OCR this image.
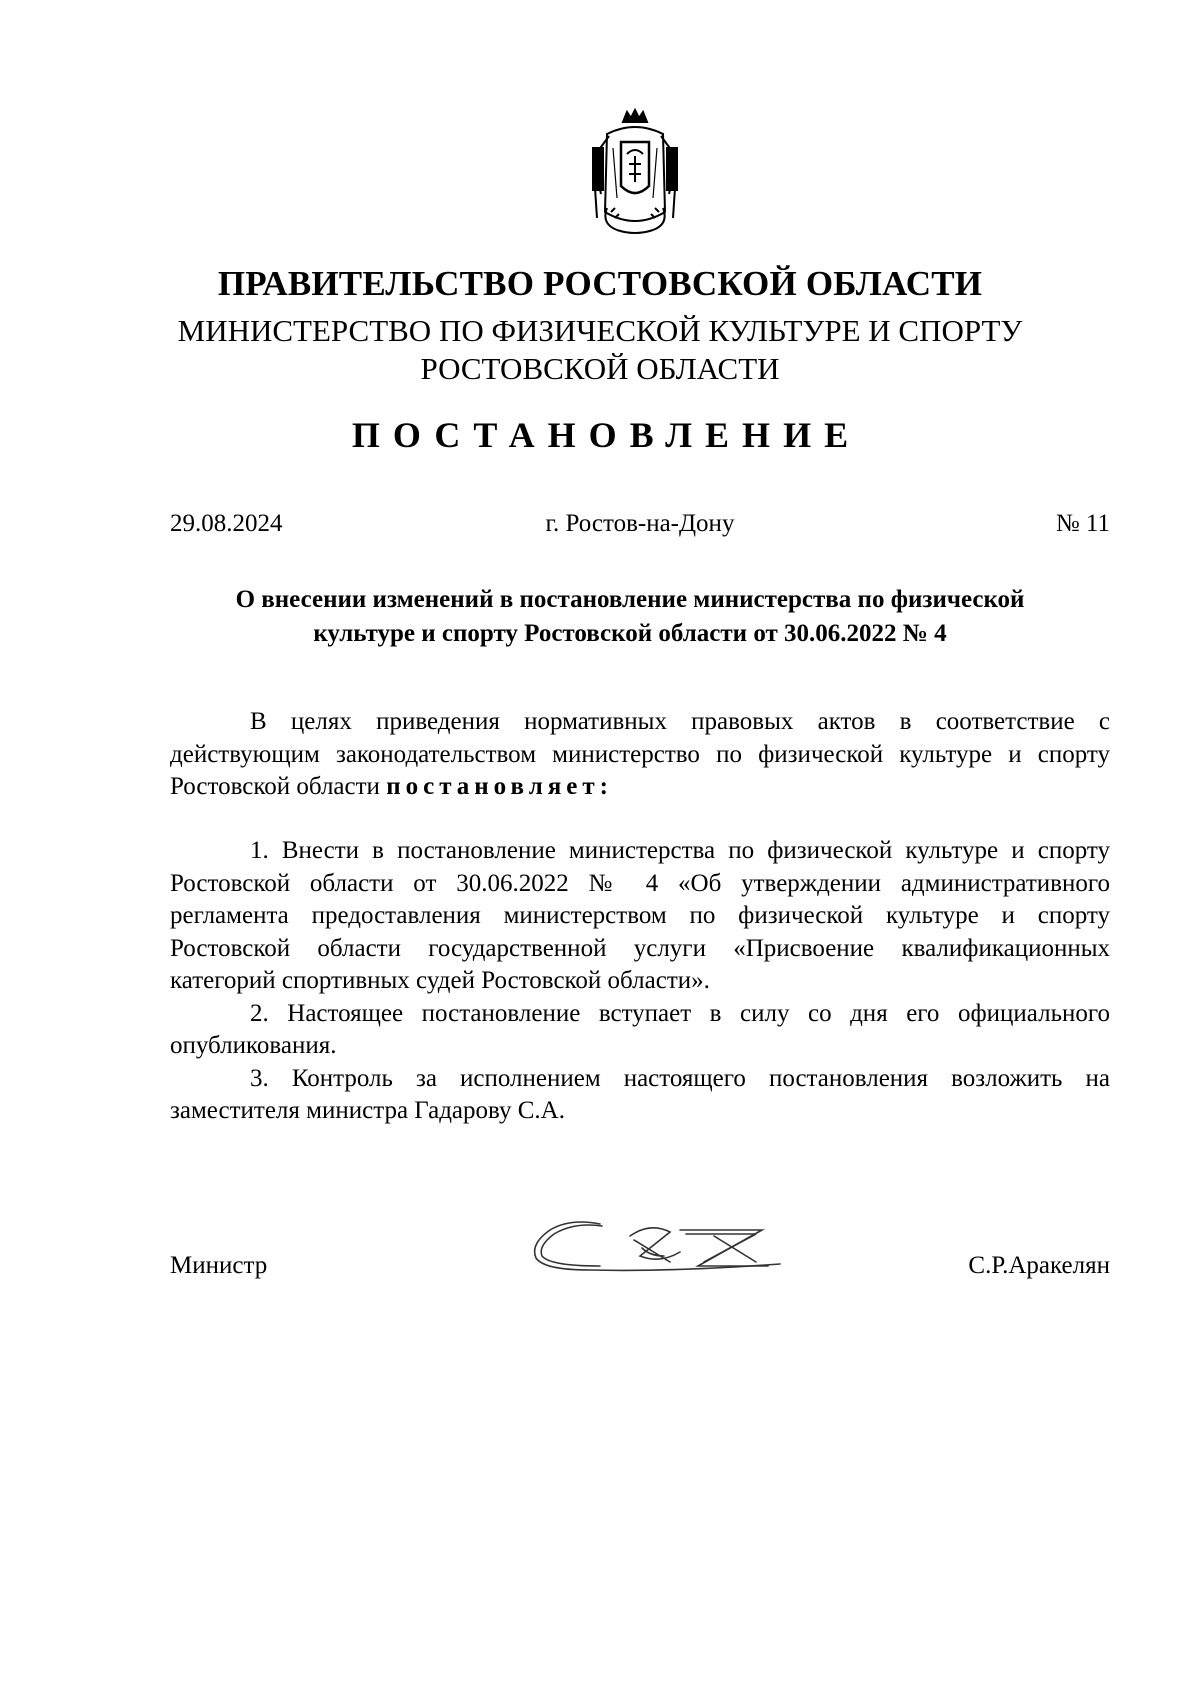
ПРАВИТЕЛЬСТВО РОСТОВСКОЙ ОБЛАСТИ
МИНИСТЕРСТВО ПО ФИЗИЧЕСКОЙ КУЛЬТУРЕ И СПОРТУ
РОСТОВСКОЙ ОБЛАСТИ
ПОСТАНОВЛЕНИЕ
29.08.2024	г. Ростов-на-Дону	№ 11
О внесении изменений в постановление министерства по физической
культуре и спорту Ростовской области от 30.06.2022 № 4

В целях приведения нормативных правовых актов в соответствие с действующим законодательством министерство по физической культуре и спорту Ростовской области постановляет:

1. Внести в постановление министерства по физической культуре и спорту Ростовской области от 30.06.2022 № 4 «Об утверждении административного регламента предоставления министерством по физической культуре и спорту Ростовской области государственной услуги «Присвоение квалификационных категорий спортивных судей Ростовской области».

2. Настоящее постановление вступает в силу со дня его официального опубликования.

3. Контроль за исполнением настоящего постановления возложить на заместителя министра Гадарову С.А.

Министр	С.Р.Аракелян
